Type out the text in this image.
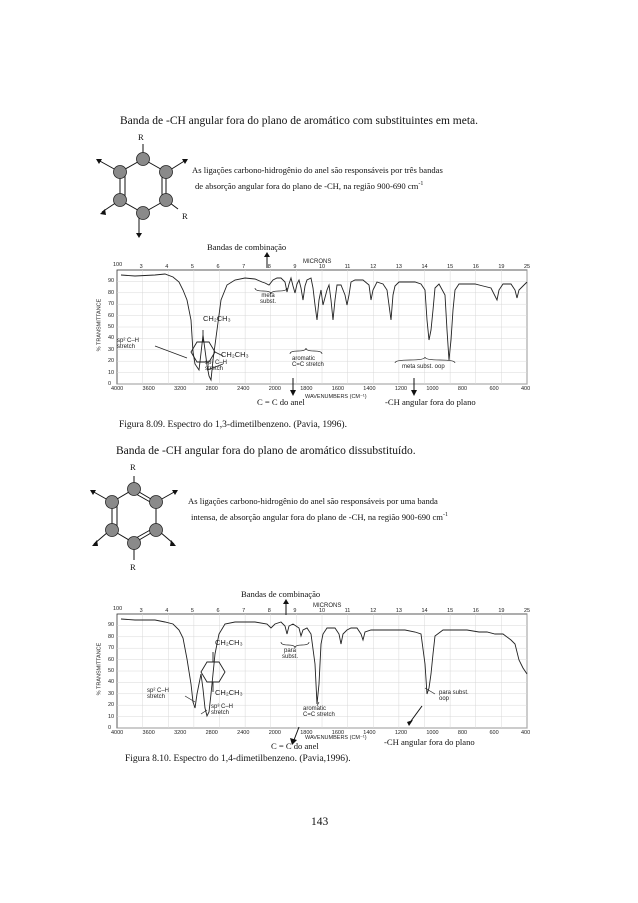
Banda de -CH angular fora do plano de aromático com substituintes em meta.
R
R
As ligações carbono-hidrogênio do anel são responsáveis por três bandas
de absorção angular fora do plano de -CH, na região 900-690 $cm^{-1}$
Bandas de combinação
100	MICRONS
3	4	5	6	7	8	9	10	11	12	13	14	15	16	19	25
90
80
70
60
50
40
30
20
10
0
4000	3600	3200	2800	2400	2000	1800	1600	1400	1200	1000	800	600	400
WAVENUMBERS (CM⁻¹)
% TRANSMITTANCE
meta
subst.
sp² C–H
stretch
sp³ C–H
stretch
aromatic
C=C stretch	meta subst. oop
CH₂CH₃
CH₂CH₃
C = C do anel	-CH angular fora do plano
Figura 8.09. Espectro do 1,3-dimetilbenzeno. (Pavia, 1996).
Banda de -CH angular fora do plano de aromático dissubstituído.
R
R
As ligações carbono-hidrogênio do anel são responsáveis por uma banda
intensa, de absorção angular fora do plano de -CH, na região 900-690 $cm^{-1}$
Bandas de combinação
100	MICRONS
3	4	5	6	7	8	9	10	11	12	13	14	15	16	19	25
90
80
70
60
50
40
30
20
10
0
4000	3600	3200	2800	2400	2000	1800	1600	1400	1200	1000	800	600	400
WAVENUMBERS (CM⁻¹)
% TRANSMITTANCE	para
subst.
sp² C–H
stretch
sp³ C–H
stretch
aromatic
C=C stretch
para subst.
oop
CH₂CH₃
CH₂CH₃
-CH angular fora do plano
C = C do anel
Figura 8.10. Espectro do 1,4-dimetilbenzeno. (Pavia,1996).
143
